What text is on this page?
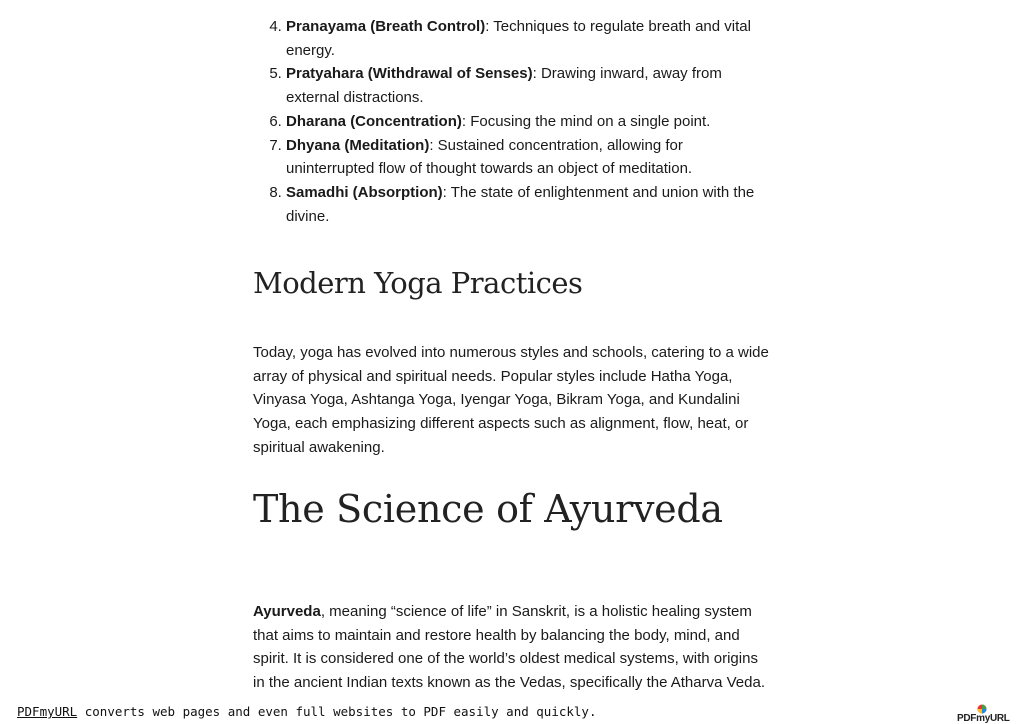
4. Pranayama (Breath Control): Techniques to regulate breath and vital energy.
5. Pratyahara (Withdrawal of Senses): Drawing inward, away from external distractions.
6. Dharana (Concentration): Focusing the mind on a single point.
7. Dhyana (Meditation): Sustained concentration, allowing for uninterrupted flow of thought towards an object of meditation.
8. Samadhi (Absorption): The state of enlightenment and union with the divine.
Modern Yoga Practices

Today, yoga has evolved into numerous styles and schools, catering to a wide array of physical and spiritual needs. Popular styles include Hatha Yoga, Vinyasa Yoga, Ashtanga Yoga, Iyengar Yoga, Bikram Yoga, and Kundalini Yoga, each emphasizing different aspects such as alignment, flow, heat, or spiritual awakening.

The Science of Ayurveda

Ayurveda, meaning “science of life” in Sanskrit, is a holistic healing system that aims to maintain and restore health by balancing the body, mind, and spirit. It is considered one of the world’s oldest medical systems, with origins in the ancient Indian texts known as the Vedas, specifically the Atharva Veda.

PDFmyURL converts web pages and even full websites to PDF easily and quickly.	PDFmyURL
